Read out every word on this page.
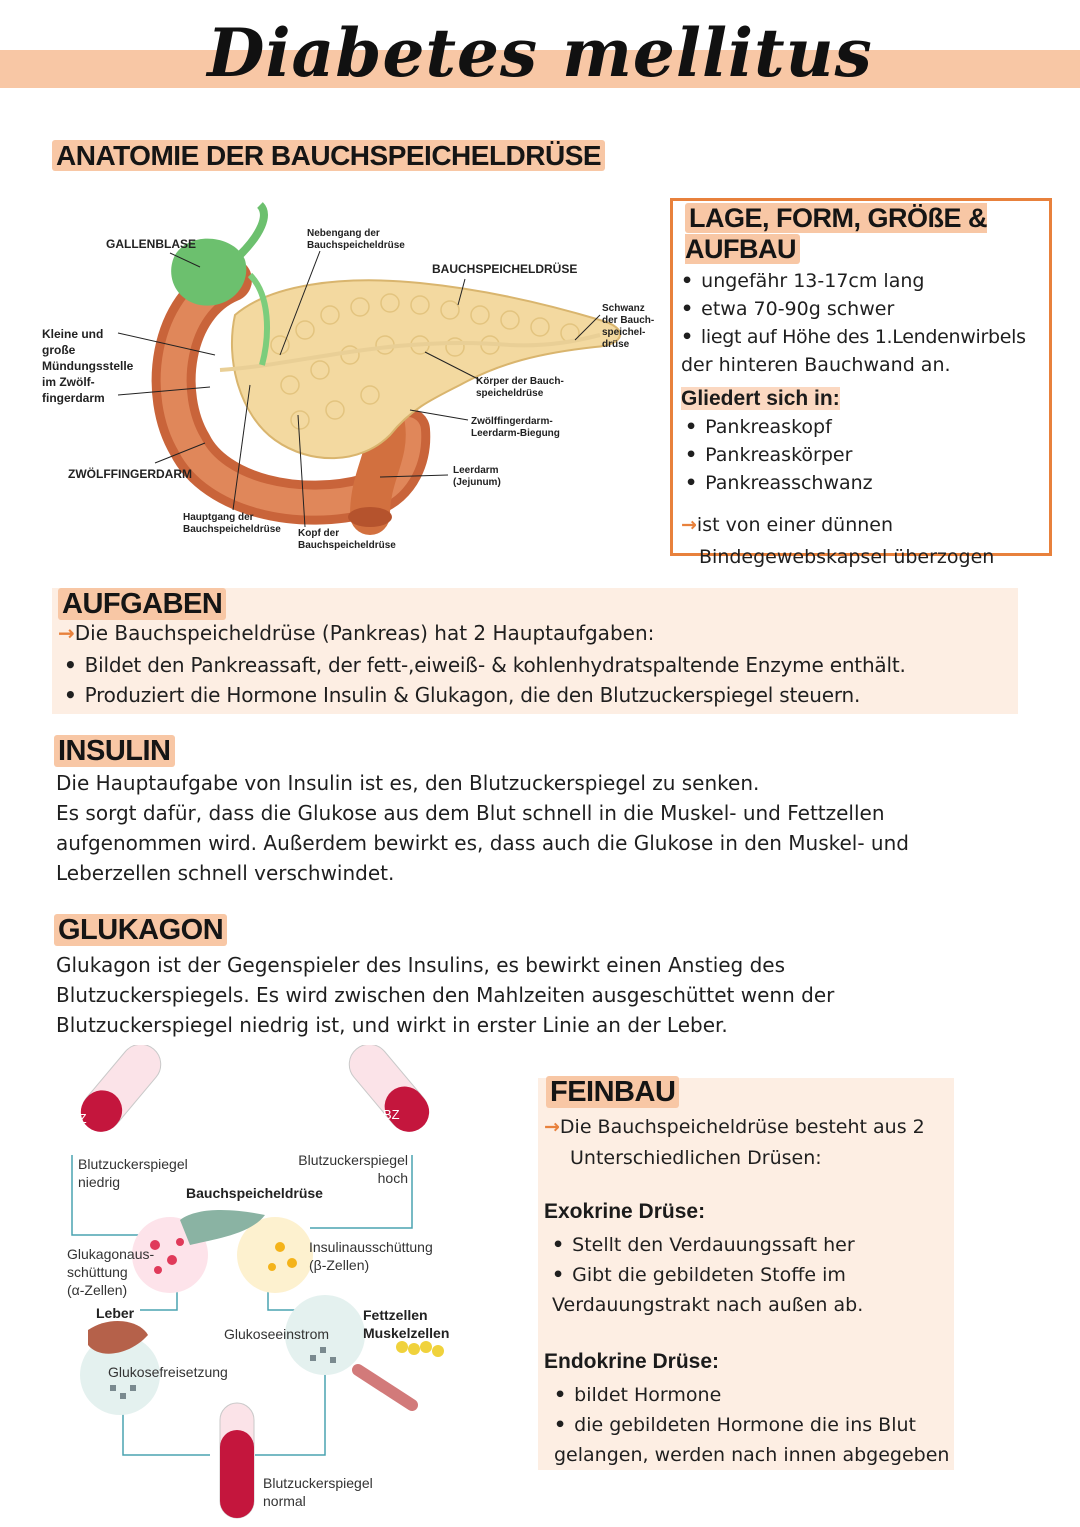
Diabetes mellitus
ANATOMIE DER BAUCHSPEICHELDRÜSE
GALLENBLASE
Nebengang der
Bauchspeicheldrüse
BAUCHSPEICHELDRÜSE
Kleine und
große
Mündungsstelle
im Zwölf-
fingerdarm
Schwanz
der Bauch-
speichel-
drüse
Körper der Bauch-
speicheldrüse
Zwölffingerdarm-
Leerdarm-Biegung
ZWÖLFFINGERDARM	Leerdarm
(Jejunum)
Hauptgang der
Bauchspeicheldrüse Kopf der
Bauchspeicheldrüse
LAGE, FORM, GRÖßE & AUFBAU
• ungefähr 13-17cm lang
• etwa 70-90g schwer
• liegt auf Höhe des 1.Lendenwirbels
der hinteren Bauchwand an.
Gliedert sich in:
• Pankreaskopf
• Pankreaskörper
• Pankreasschwanz
→ist von einer dünnen
Bindegewebskapsel überzogen
AUFGABEN
→Die Bauchspeicheldrüse (Pankreas) hat 2 Hauptaufgaben:
• Bildet den Pankreassaft, der fett-,eiweiß- & kohlenhydratspaltende Enzyme enthält.
• Produziert die Hormone Insulin & Glukagon, die den Blutzuckerspiegel steuern.
INSULIN
Die Hauptaufgabe von Insulin ist es, den Blutzuckerspiegel zu senken.
Es sorgt dafür, dass die Glukose aus dem Blut schnell in die Muskel- und Fettzellen
aufgenommen wird. Außerdem bewirkt es, dass auch die Glukose in den Muskel- und
Leberzellen schnell verschwindet.
GLUKAGON
Glukagon ist der Gegenspieler des Insulins, es bewirkt einen Anstieg des
Blutzuckerspiegels. Es wird zwischen den Mahlzeiten ausgeschüttet wenn der
Blutzuckerspiegel niedrig ist, und wirkt in erster Linie an der Leber.
BZ	BZ
Blutzuckerspiegel
niedrig
Blutzuckerspiegel
hoch
Bauchspeicheldrüse
Glukagonaus-
schüttung
(α-Zellen)
Insulinausschüttung
(β-Zellen)
Leber
Glukoseeinstrom
Fettzellen
Muskelzellen
Glukosefreisetzung
Blutzuckerspiegel
normal
FEINBAU
→Die Bauchspeicheldrüse besteht aus 2
Unterschiedlichen Drüsen:
Exokrine Drüse:
• Stellt den Verdauungssaft her
• Gibt die gebildeten Stoffe im
Verdauungstrakt nach außen ab.
Endokrine Drüse:
• bildet Hormone
• die gebildeten Hormone die ins Blut
gelangen, werden nach innen abgegeben
